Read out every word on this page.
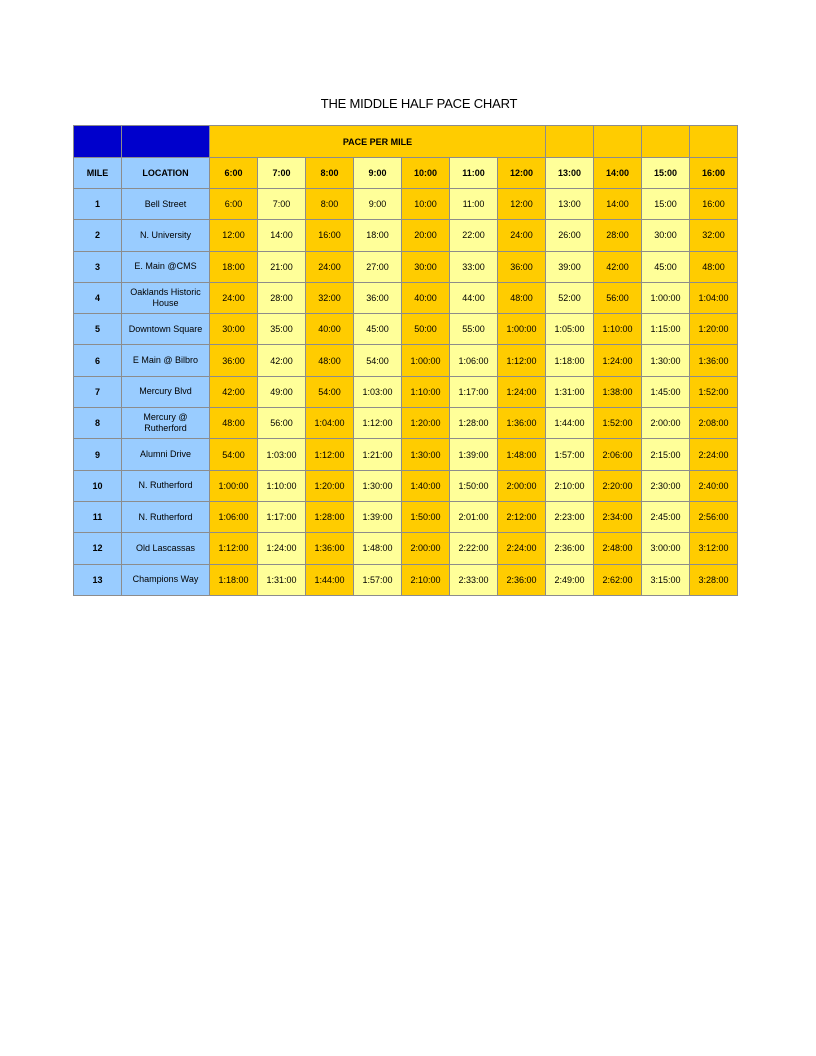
THE MIDDLE HALF PACE CHART
		PACE PER MILE										
MILE	LOCATION	6:00	7:00	8:00	9:00	10:00	11:00	12:00	13:00	14:00	15:00	16:00
1	Bell Street	6:00	7:00	8:00	9:00	10:00	11:00	12:00	13:00	14:00	15:00	16:00
2	N. University	12:00	14:00	16:00	18:00	20:00	22:00	24:00	26:00	28:00	30:00	32:00
3	E. Main @CMS	18:00	21:00	24:00	27:00	30:00	33:00	36:00	39:00	42:00	45:00	48:00
4	Oaklands Historic House	24:00	28:00	32:00	36:00	40:00	44:00	48:00	52:00	56:00	1:00:00	1:04:00
5	Downtown Square	30:00	35:00	40:00	45:00	50:00	55:00	1:00:00	1:05:00	1:10:00	1:15:00	1:20:00
6	E Main @ Bilbro	36:00	42:00	48:00	54:00	1:00:00	1:06:00	1:12:00	1:18:00	1:24:00	1:30:00	1:36:00
7	Mercury Blvd	42:00	49:00	54:00	1:03:00	1:10:00	1:17:00	1:24:00	1:31:00	1:38:00	1:45:00	1:52:00
8	Mercury @ Rutherford	48:00	56:00	1:04:00	1:12:00	1:20:00	1:28:00	1:36:00	1:44:00	1:52:00	2:00:00	2:08:00
9	Alumni Drive	54:00	1:03:00	1:12:00	1:21:00	1:30:00	1:39:00	1:48:00	1:57:00	2:06:00	2:15:00	2:24:00
10	N. Rutherford	1:00:00	1:10:00	1:20:00	1:30:00	1:40:00	1:50:00	2:00:00	2:10:00	2:20:00	2:30:00	2:40:00
11	N. Rutherford	1:06:00	1:17:00	1:28:00	1:39:00	1:50:00	2:01:00	2:12:00	2:23:00	2:34:00	2:45:00	2:56:00
12	Old Lascassas	1:12:00	1:24:00	1:36:00	1:48:00	2:00:00	2:22:00	2:24:00	2:36:00	2:48:00	3:00:00	3:12:00
13	Champions Way	1:18:00	1:31:00	1:44:00	1:57:00	2:10:00	2:33:00	2:36:00	2:49:00	2:62:00	3:15:00	3:28:00
